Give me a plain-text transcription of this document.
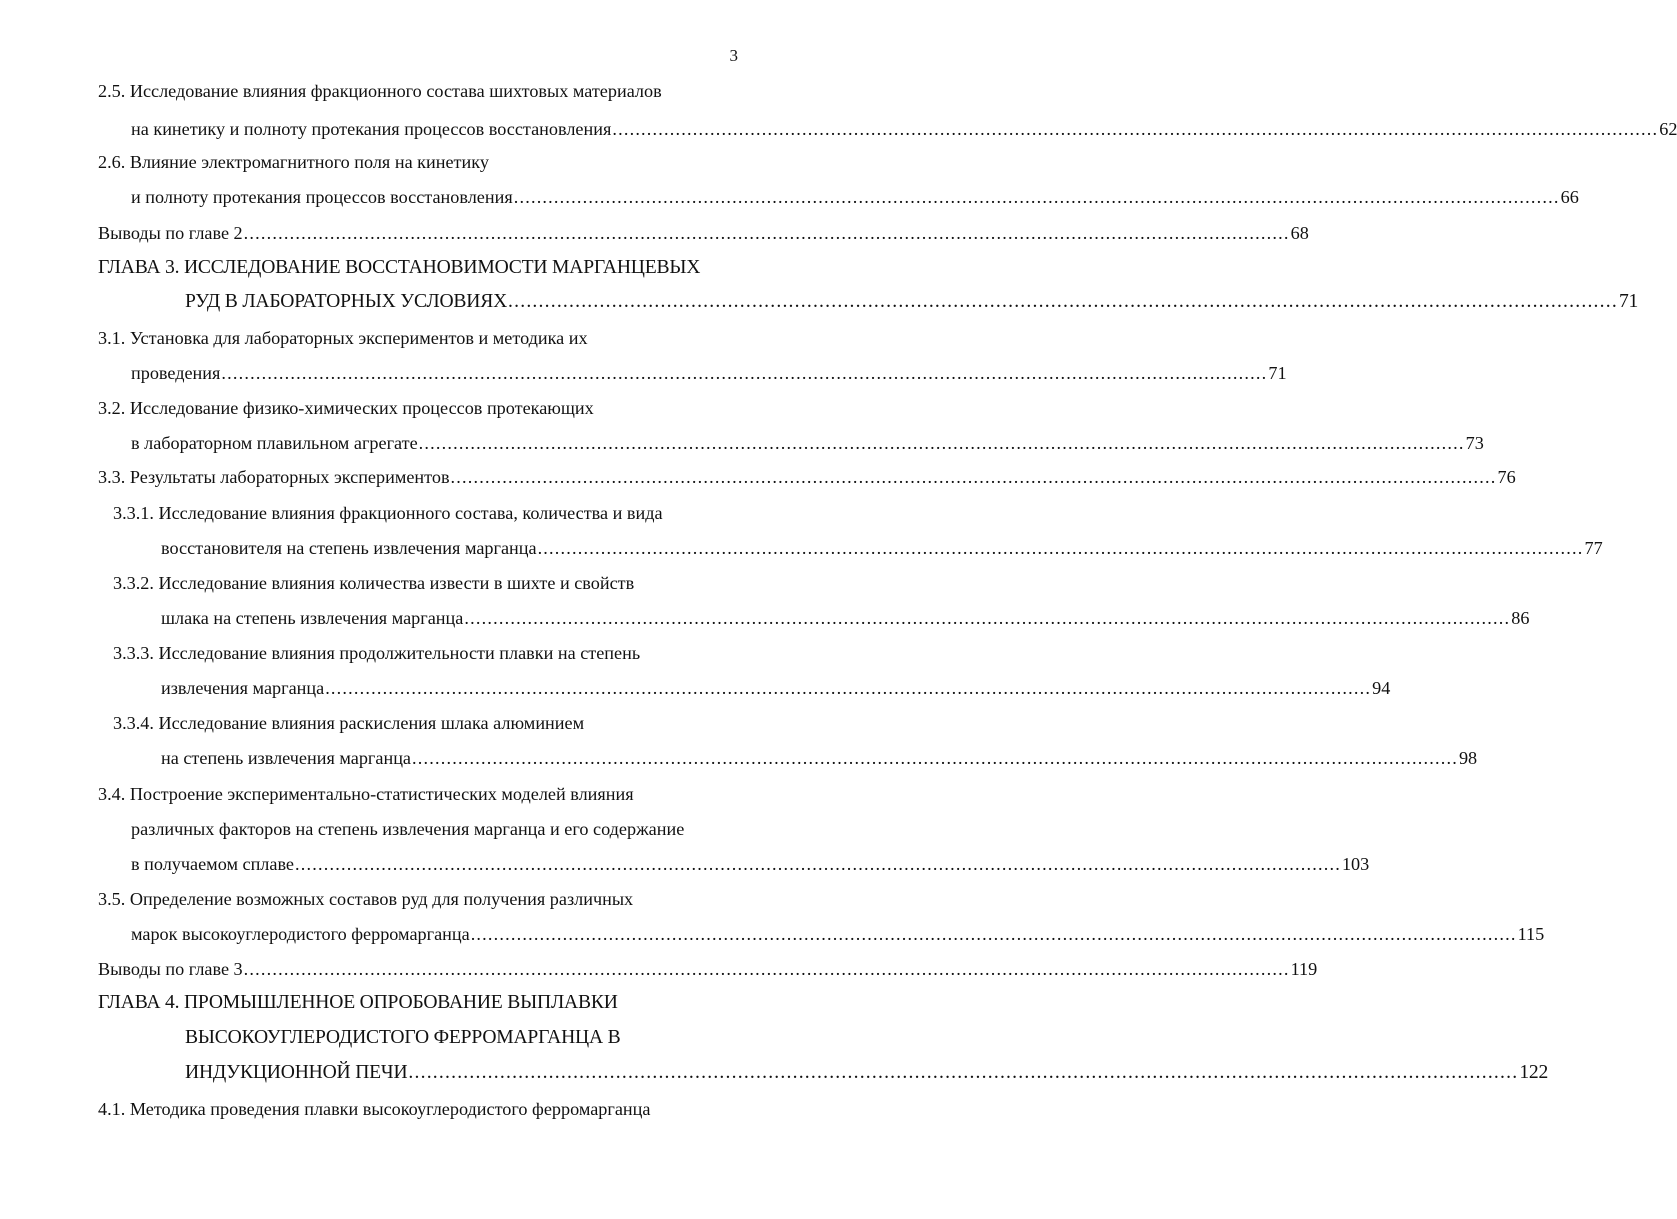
3
2.5. Исследование влияния фракционного состава шихтовых материалов
на кинетику и полноту протекания процессов восстановления ...................................................................................................................................................................................... 62
2.6. Влияние электромагнитного поля на кинетику
и полноту протекания процессов восстановления ...................................................................................................................................................................................... 66
Выводы по главе 2 ...................................................................................................................................................................................... 68
ГЛАВА 3. ИССЛЕДОВАНИЕ ВОССТАНОВИМОСТИ МАРГАНЦЕВЫХ
РУД В ЛАБОРАТОРНЫХ УСЛОВИЯХ ...................................................................................................................................................................................... 71
3.1. Установка для лабораторных экспериментов и методика их
проведения ...................................................................................................................................................................................... 71
3.2. Исследование физико-химических процессов протекающих
в лабораторном плавильном агрегате ...................................................................................................................................................................................... 73
3.3. Результаты лабораторных экспериментов ...................................................................................................................................................................................... 76
3.3.1. Исследование влияния фракционного состава, количества и вида
восстановителя на степень извлечения марганца ...................................................................................................................................................................................... 77
3.3.2. Исследование влияния количества извести в шихте и свойств
шлака на степень извлечения марганца ...................................................................................................................................................................................... 86
3.3.3. Исследование влияния продолжительности плавки на степень
извлечения марганца ...................................................................................................................................................................................... 94
3.3.4. Исследование влияния раскисления шлака алюминием
на степень извлечения марганца ...................................................................................................................................................................................... 98
3.4. Построение экспериментально-статистических моделей влияния
различных факторов на степень извлечения марганца и его содержание
в получаемом сплаве ...................................................................................................................................................................................... 103
3.5. Определение возможных составов руд для получения различных
марок высокоуглеродистого ферромарганца ...................................................................................................................................................................................... 115
Выводы по главе 3 ...................................................................................................................................................................................... 119
ГЛАВА 4. ПРОМЫШЛЕННОЕ ОПРОБОВАНИЕ ВЫПЛАВКИ
ВЫСОКОУГЛЕРОДИСТОГО ФЕРРОМАРГАНЦА В
ИНДУКЦИОННОЙ ПЕЧИ ...................................................................................................................................................................................... 122
4.1. Методика проведения плавки высокоуглеродистого ферромарганца
